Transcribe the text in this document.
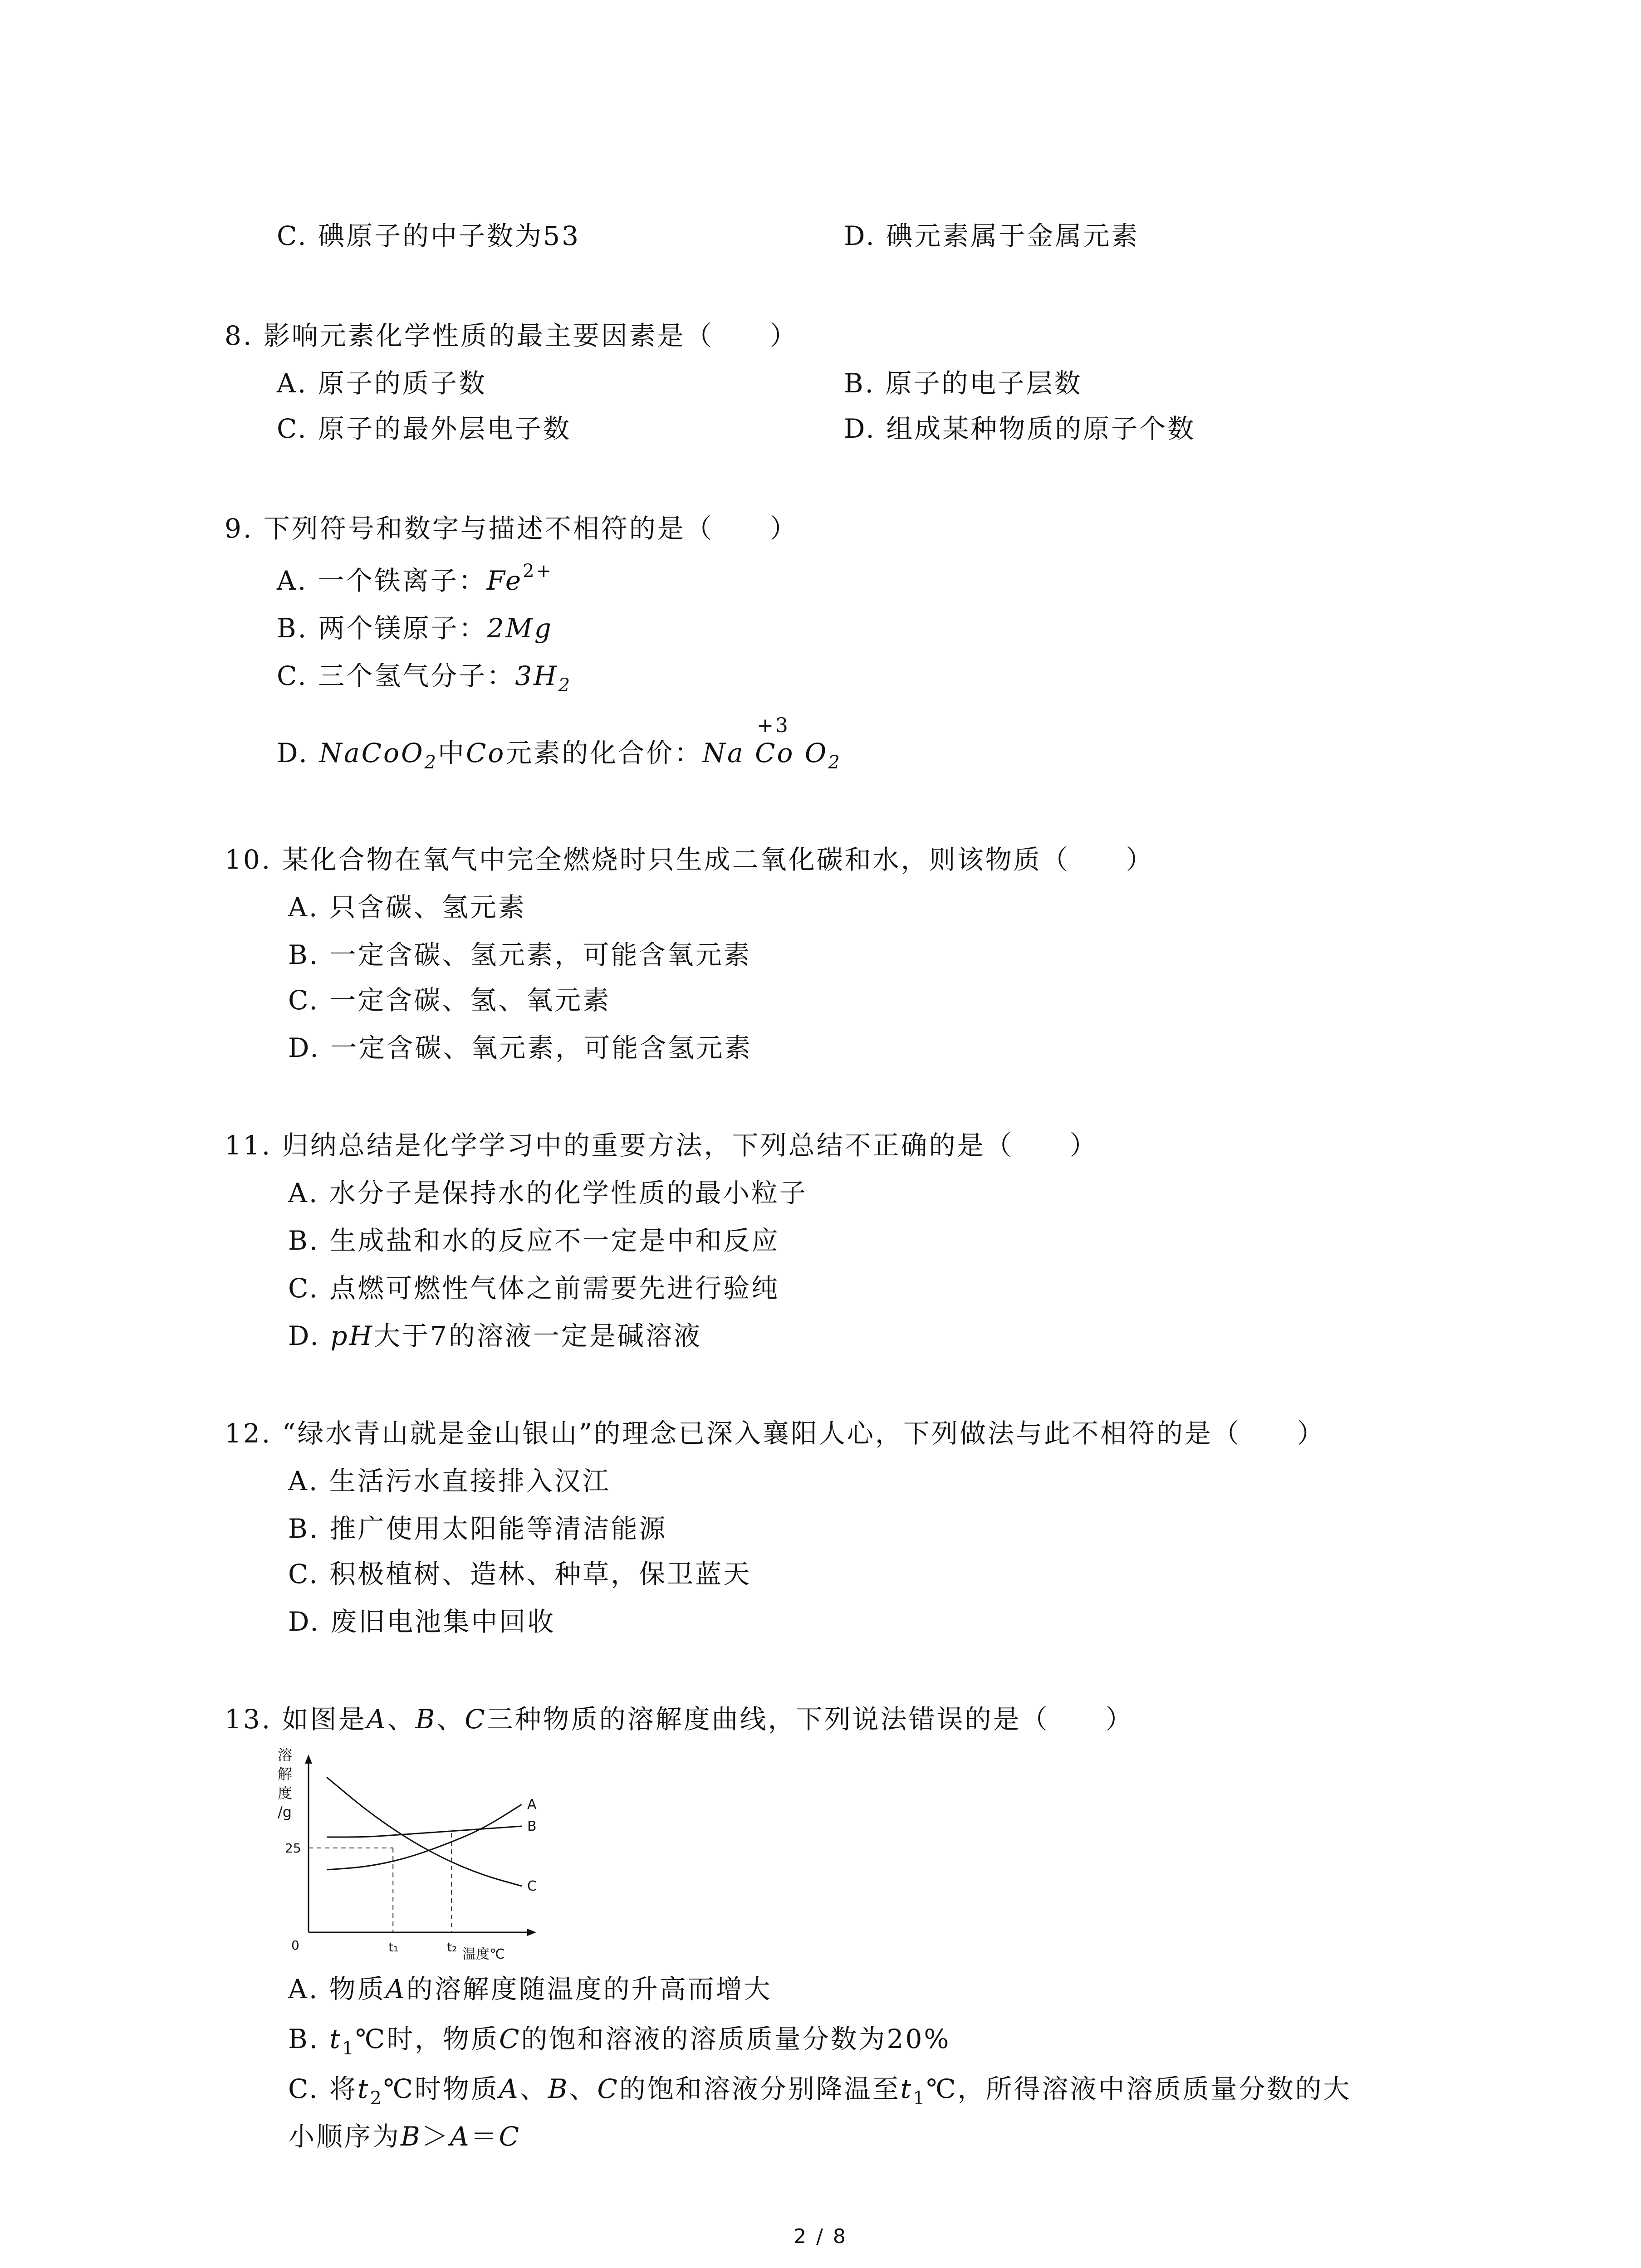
C. 碘原子的中子数为53	D. 碘元素属于金属元素
8. 影响元素化学性质的最主要因素是（　　）
A. 原子的质子数	B. 原子的电子层数
C. 原子的最外层电子数	D. 组成某种物质的原子个数
9. 下列符号和数字与描述不相符的是（　　）
A. 一个铁离子：$Fe^{2+}$
B. 两个镁原子：2Mg
C. 三个氢气分子：$3H_2$
D. NaCoO$_2$中Co元素的化合价：Na
+3
Co $O_2$
10. 某化合物在氧气中完全燃烧时只生成二氧化碳和水，则该物质（　　）
A. 只含碳、氢元素
B. 一定含碳、氢元素，可能含氧元素
C. 一定含碳、氢、氧元素
D. 一定含碳、氧元素，可能含氢元素
11. 归纳总结是化学学习中的重要方法，下列总结不正确的是（　　）
A. 水分子是保持水的化学性质的最小粒子
B. 生成盐和水的反应不一定是中和反应
C. 点燃可燃性气体之前需要先进行验纯
D. pH大于7的溶液一定是碱溶液
12. “绿水青山就是金山银山”的理念已深入襄阳人心，下列做法与此不相符的是（　　）
A. 生活污水直接排入汉江
B. 推广使用太阳能等清洁能源
C. 积极植树、造林、种草，保卫蓝天
D. 废旧电池集中回收
13. 如图是A、B、C三种物质的溶解度曲线，下列说法错误的是（　　）
A
B
C
溶
解
度
/g
25
0	t₁	t₂ 温度℃
A. 物质A的溶解度随温度的升高而增大
B. $t_1℃$时，物质C的饱和溶液的溶质质量分数为20%
C. 将$t_2℃$时物质A、B、C的饱和溶液分别降温至$t_1℃$，所得溶液中溶质质量分数的大
小顺序为B＞A＝C
2 / 8
